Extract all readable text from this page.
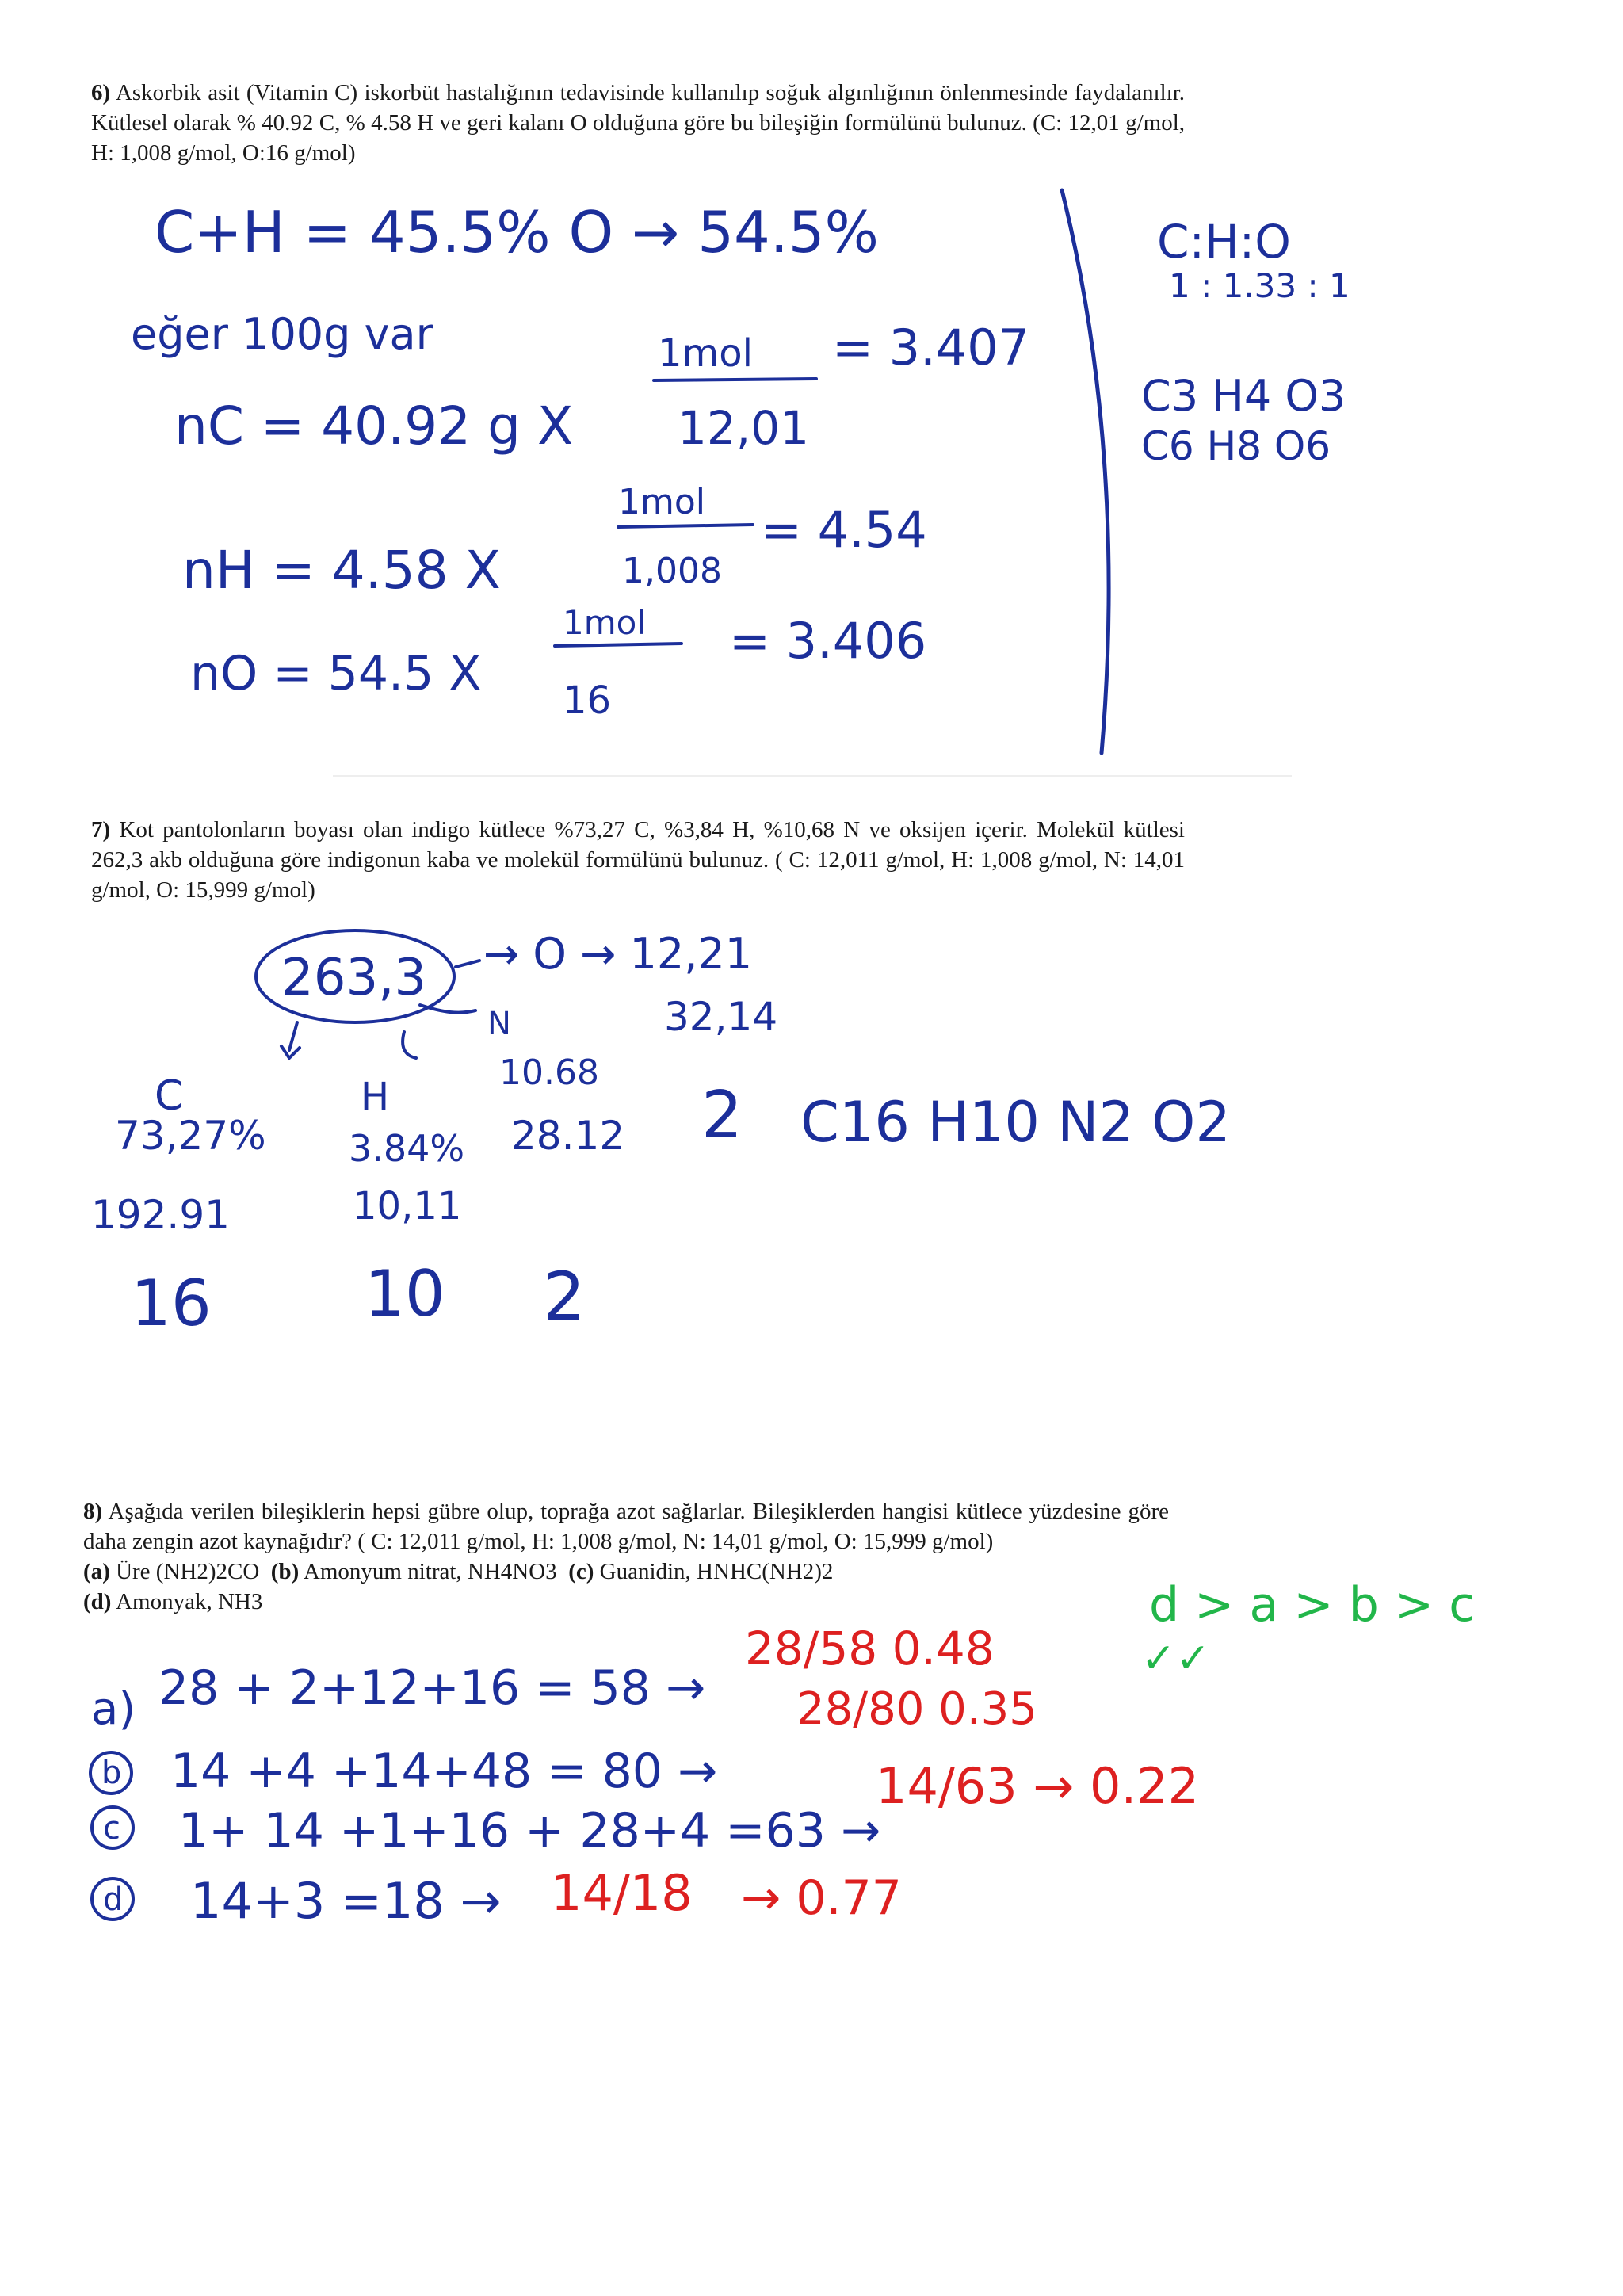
6) Askorbik asit (Vitamin C) iskorbüt hastalığının tedavisinde kullanılıp soğuk algınlığının önlenmesinde faydalanılır. Kütlesel olarak % 40.92 C, % 4.58 H ve geri kalanı O olduğuna göre bu bileşiğin formülünü bulunuz. (C: 12,01 g/mol, H: 1,008 g/mol, O:16 g/mol)

7) Kot pantolonların boyası olan indigo kütlece %73,27 C, %3,84 H, %10,68 N ve oksijen içerir. Molekül kütlesi 262,3 akb olduğuna göre indigonun kaba ve molekül formülünü bulunuz. ( C: 12,011 g/mol, H: 1,008 g/mol, N: 14,01 g/mol, O: 15,999 g/mol)

8) Aşağıda verilen bileşiklerin hepsi gübre olup, toprağa azot sağlarlar. Bileşiklerden hangisi kütlece yüzdesine göre daha zengin azot kaynağıdır? ( C: 12,011 g/mol, H: 1,008 g/mol, N: 14,01 g/mol, O: 15,999 g/mol)

(a) Üre (NH2)2CO (b) Amonyum nitrat, NH4NO3 (c) Guanidin, HNHC(NH2)2

(d) Amonyak, NH3

C+H = 45.5% O → 54.5%
eğer 100g var	1mol
nC = 40.92 g X 12,01
= 3.407
1mol
nH = 4.58 X	1,008
= 4.54
1mol
nO = 54.5 X 16
= 3.406
C:H:O
1 : 1.33 : 1
C3 H4 O3
C6 H8 O6
263,3 → O → 12,21
32,14
N
10.68
28.12
C
73,27%
192.91
H
3.84%
10,11
16 10 2
2 C16 H10 N2 O2
a) 28 + 2+12+16 = 58 →
b 14 +4 +14+48 = 80 →
c 1+ 14 +1+16 + 28+4 =63 →
d 14+3 =18 →
28/58 0.48
28/80 0.35
14/63 → 0.22
14/18 → 0.77
d > a > b > c
✓✓
